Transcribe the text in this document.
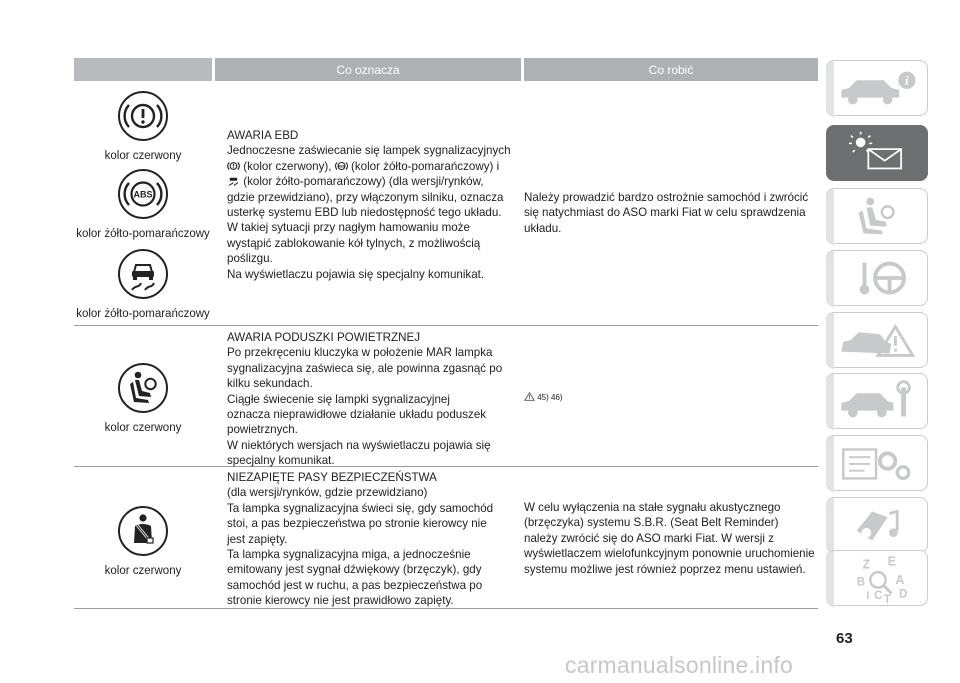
Co oznacza	Co robić
kolor czerwony
ABS
kolor żółto-pomarańczowy
kolor żółto-pomarańczowy

AWARIA EBD

Jednoczesne zaświecanie się lampek sygnalizacyjnych

(kolor czerwony), ABS (kolor żółto-pomarańczowy) i

(kolor żółto-pomarańczowy) (dla wersji/rynków,

gdzie przewidziano), przy włączonym silniku, oznacza

usterkę systemu EBD lub niedostępność tego układu.

W takiej sytuacji przy nagłym hamowaniu może

wystąpić zablokowanie kół tylnych, z możliwością

poślizgu.

Na wyświetlaczu pojawia się specjalny komunikat.

Należy prowadzić bardzo ostrożnie samochód i zwrócić

się natychmiast do ASO marki Fiat w celu sprawdzenia

układu.

kolor czerwony

AWARIA PODUSZKI POWIETRZNEJ

Po przekręceniu kluczyka w położenie MAR lampka

sygnalizacyjna zaświeca się, ale powinna zgasnąć po

kilku sekundach.

Ciągłe świecenie się lampki sygnalizacyjnej

oznacza nieprawidłowe działanie układu poduszek

powietrznych.

W niektórych wersjach na wyświetlaczu pojawia się

specjalny komunikat.

45) 46)
kolor czerwony

NIEZAPIĘTE PASY BEZPIECZEŃSTWA

(dla wersji/rynków, gdzie przewidziano)

Ta lampka sygnalizacyjna świeci się, gdy samochód

stoi, a pas bezpieczeństwa po stronie kierowcy nie

jest zapięty.

Ta lampka sygnalizacyjna miga, a jednocześnie

emitowany jest sygnał dźwiękowy (brzęczyk), gdy

samochód jest w ruchu, a pas bezpieczeństwa po

stronie kierowcy nie jest prawidłowo zapięty.

W celu wyłączenia na stałe sygnału akustycznego

(brzęczyka) systemu S.B.R. (Seat Belt Reminder)

należy zwrócić się do ASO marki Fiat. W wersji z

wyświetlaczem wielofunkcyjnym ponownie uruchomienie

systemu możliwe jest również poprzez menu ustawień.

i
Z E
B A
I C T D
63
carmanualsonline.info
